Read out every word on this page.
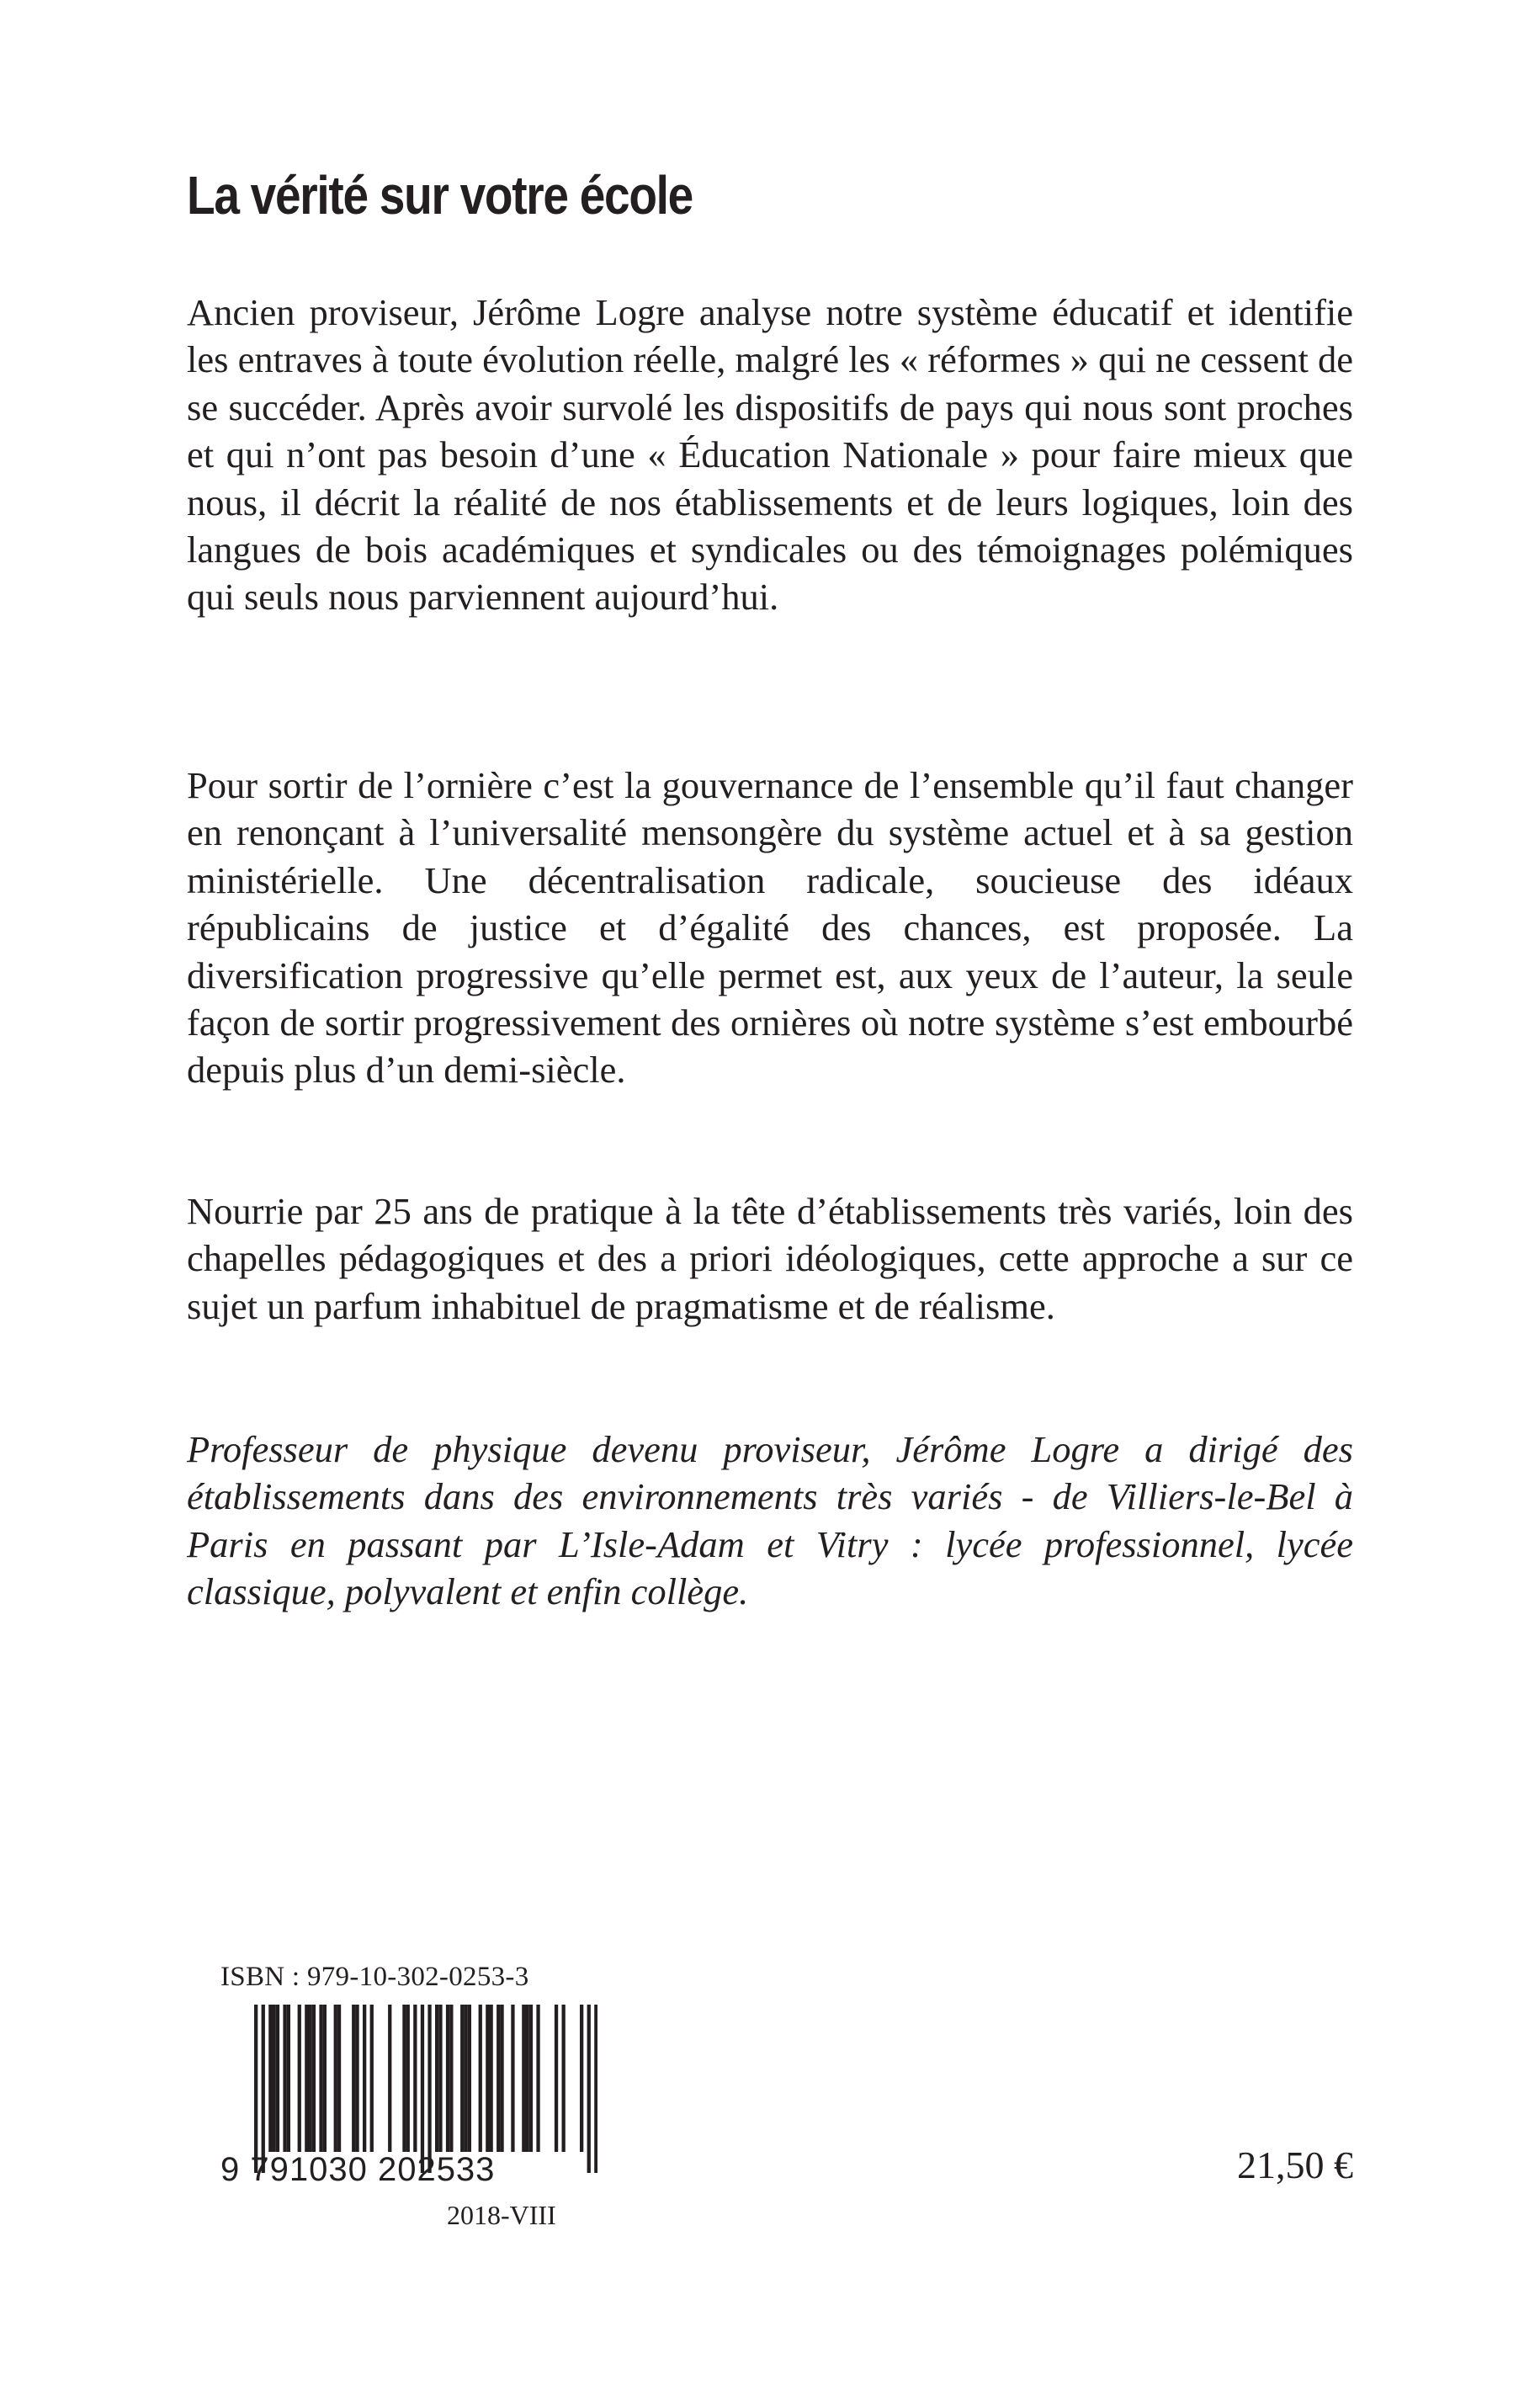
La vérité sur votre école

Ancien proviseur, Jérôme Logre analyse notre système éducatif et identifie les entraves à toute évolution réelle, malgré les « réformes » qui ne cessent de se succéder. Après avoir survolé les dispositifs de pays qui nous sont proches et qui n’ont pas besoin d’une « Éducation Nationale » pour faire mieux que nous, il décrit la réalité de nos établissements et de leurs logiques, loin des langues de bois académiques et syndicales ou des témoignages polémiques qui seuls nous parviennent aujourd’hui.

Pour sortir de l’ornière c’est la gouvernance de l’ensemble qu’il faut changer en renonçant à l’universalité mensongère du système actuel et à sa gestion ministérielle. Une décentralisation radicale, soucieuse des idéaux républicains de justice et d’égalité des chances, est proposée. La diversification progressive qu’elle permet est, aux yeux de l’auteur, la seule façon de sortir progressivement des ornières où notre système s’est embourbé depuis plus d’un demi-siècle.

Nourrie par 25 ans de pratique à la tête d’établissements très variés, loin des chapelles pédagogiques et des a priori idéologiques, cette approche a sur ce sujet un parfum inhabituel de pragmatisme et de réalisme.

Professeur de physique devenu proviseur, Jérôme Logre a dirigé des établissements dans des environnements très variés - de Villiers-le-Bel à Paris en passant par L’Isle-Adam et Vitry : lycée professionnel, lycée classique, polyvalent et enfin collège.

ISBN : 979-10-302-0253-3

9 791030 202533
2018-VIII
21,50 €
